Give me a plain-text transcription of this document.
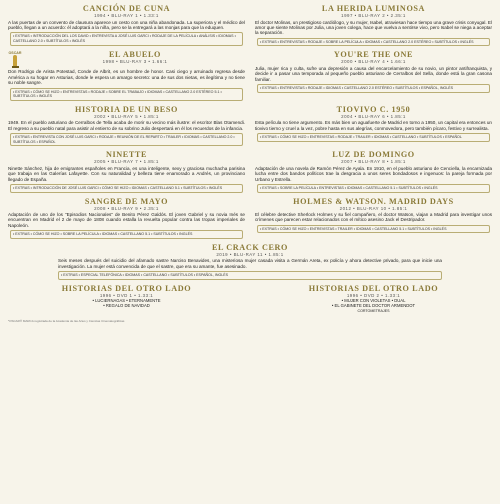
CANCIÓN DE CUNA
1994 • BLU-RAY 1 • 1.33:1
A las puertas de un convento de clausura aparece un cesto con una niña abandonada. La superiora y el médico del pueblo, llegan a un acuerdo: él adoptará a la niña, pero se la entregará a las monjas para que la eduquen.
• EXTRAS • INTRODUCCIÓN DEL LOS DAVID • ENTREVISTA A JOSÉ LUIS GARCI • RODAJE DE LA PELÍCULA • ANÁLISIS • IDIOMAS • CASTELLANO 2.0 • SUBTÍTULOS • INGLÉS
LA HERIDA LUMINOSA
1997 • BLU-RAY 2 • 2.35:1
El doctor Molinas, un prestigioso cardiólogo, y su mujer, Isabel, atraviesan hace tiempo una grave crisis conyugal. El amor que siente Molinas por Julia, una joven colega, hace que vuelva a sentirse vivo, pero Isabel se niega a aceptar la separación.
• EXTRAS • ENTREVISTAS • RODAJE • SOBRE LA PELÍCULA • IDIOMAS • CASTELLANO 2.0 ESTÉREO • SUBTÍTULOS • INGLÉS
OSCAR	EL ABUELO
1998 • BLU-RAY 3 • 1.66:1
Don Rodrigo de Arista Potestad, Conde de Albrit, es un hombre de honor. Casi ciego y arruinado regresa desde América a su hogar en Asturias, donde le espera un amargo secreto: una de sus dos nietas, es ilegítima y no tiene su noble sangre.
• EXTRAS • CÓMO SE HIZO • ENTREVISTAS • RODAJE • SOBRE EL TRABAJO • IDIOMAS • CASTELLANO 2.0 ESTÉREO 5.1 • SUBTÍTULOS • INGLÉS
YOU'RE THE ONE
2000 • BLU-RAY 4 • 1.66:1
Julia, mujer rica y culta, sufre una depresión a causa del encarcelamiento de su novio, un pintor antifranquista, y decide ir a pasar una temporada al pequeño pueblo asturiano de Cerralbos del Sella, donde está la gran casona familiar.
• EXTRAS • ENTREVISTAS • RODAJE • IDIOMAS • CASTELLANO 2.0 ESTÉREO • SUBTÍTULOS • ESPAÑOL, INGLÉS
HISTORIA DE UN BESO
2002 • BLU-RAY 5 • 1.85:1
1949. En el pueblo asturiano de Cerralbos de Tella acaba de morir su vecino más ilustre: el escritor Blas Otamendi. El regreso a su pueblo natal para asistir al entierro de su sobrino Julio despertará en él los recuerdos de la infancia.
• EXTRAS • ENTREVISTA CON JOSÉ LUIS GARCI • RODAJE • REUNIÓN DE EL REPARTO • TRAILER • IDIOMAS • CASTELLANO 2.0 • SUBTÍTULOS • ESPAÑOL
TIOVIVO C. 1950
2004 • BLU-RAY 6 • 1.85:1
Esta película no tiene argumento. Es más bien un aguafuerte de Madrid en torno a 1950, un capital era entonces un tiovivo tierno y cruel a la vez, pobre hasta en sus alegrías, conmovedora, pero también pícaro, festivo y surrealista.
• EXTRAS • CÓMO SE HIZO • ENTREVISTAS • RODAJE • TRAILER • IDIOMAS • CASTELLANO • SUBTÍTULOS • ESPAÑOL
NINETTE
2005 • BLU-RAY 7 • 1.85:1
Ninette Sánchez, hija de emigrantes españoles en Francia, es una inteligente, sexy y graciosa muchacha parisina que trabaja en las Galerías Lafayette. Con su naturalidad y belleza tiene enamorado a Andrés, un provinciano llegado de España.
• EXTRAS • INTRODUCCIÓN DE JOSÉ LUIS GARCI • CÓMO SE HIZO • IDIOMAS • CASTELLANO 5.1 • SUBTÍTULOS • INGLÉS
LUZ DE DOMINGO
2007 • BLU-RAY 8 • 1.85:1
Adaptación de una novela de Ramón Pérez de Ayala. En 1910, en el pueblo asturiano de Cenciella, la encarnizada lucha entre dos bandos políticos trae la desgracia a unos seres bondadosos e ingenuos: la pareja formada por Urbano y Estrella.
• EXTRAS • SOBRE LA PELÍCULA • ENTREVISTAS • IDIOMAS • CASTELLANO 5.1 • SUBTÍTULOS • INGLÉS
SANGRE DE MAYO
2008 • BLU-RAY 9 • 2.35:1
Adaptación de uno de los "Episodios Nacionales" de Benito Pérez Galdós. El joven Gabriel y su novia Inés se encuentran en Madrid el 2 de mayo de 1808 cuando estalla la revuelta popular contra las tropas imperiales de Napoleón.
• EXTRAS • CÓMO SE HIZO • SOBRE LA PELÍCULA • IDIOMAS • CASTELLANO 5.1 • SUBTÍTULOS • INGLÉS
HOLMES & WATSON. MADRID DAYS
2012 • BLU-RAY 10 • 1.85:1
El célebre detective Sherlock Holmes y su fiel compañero, el doctor Watson, viajan a Madrid para investigar unos crímenes que parecen estar relacionados con el mítico asesino Jack el Destripador.
• EXTRAS • CÓMO SE HIZO • ENTREVISTAS • TRAILER • IDIOMAS • CASTELLANO 5.1 • SUBTÍTULOS • INGLÉS
EL CRACK CERO
2019 • BLU-RAY 11 • 1.85:1
Seis meses después del suicidio del afamado sastre Narciso Benavides, una misteriosa mujer casada visita a Germán Areta, ex policía y ahora detective privado, para que inicie una investigación. La mujer está convencida de que el sastre, que era su amante, fue asesinado.
• EXTRAS • ESPECIAL TELEFÓNICA • IDIOMAS • CASTELLANO • SUBTÍTULOS • ESPAÑOL, INGLÉS
HISTORIAS DEL OTRO LADO
1996 • DVD 1 • 1.33:1
• LUCIERNAGAS • ETERNAMENTE
• REGALO DE NAVIDAD
HISTORIAS DEL OTRO LADO
1996 • DVD 2 • 1.33:1
• MUJER CON VIOLETAS • DUAL
• EL GABINETE DEL DOCTOR ARMENDOT
CORTOMETRAJES
*OSCAR® MARCA registrada de la Academia de las Artes y Ciencias Cinematográficas
